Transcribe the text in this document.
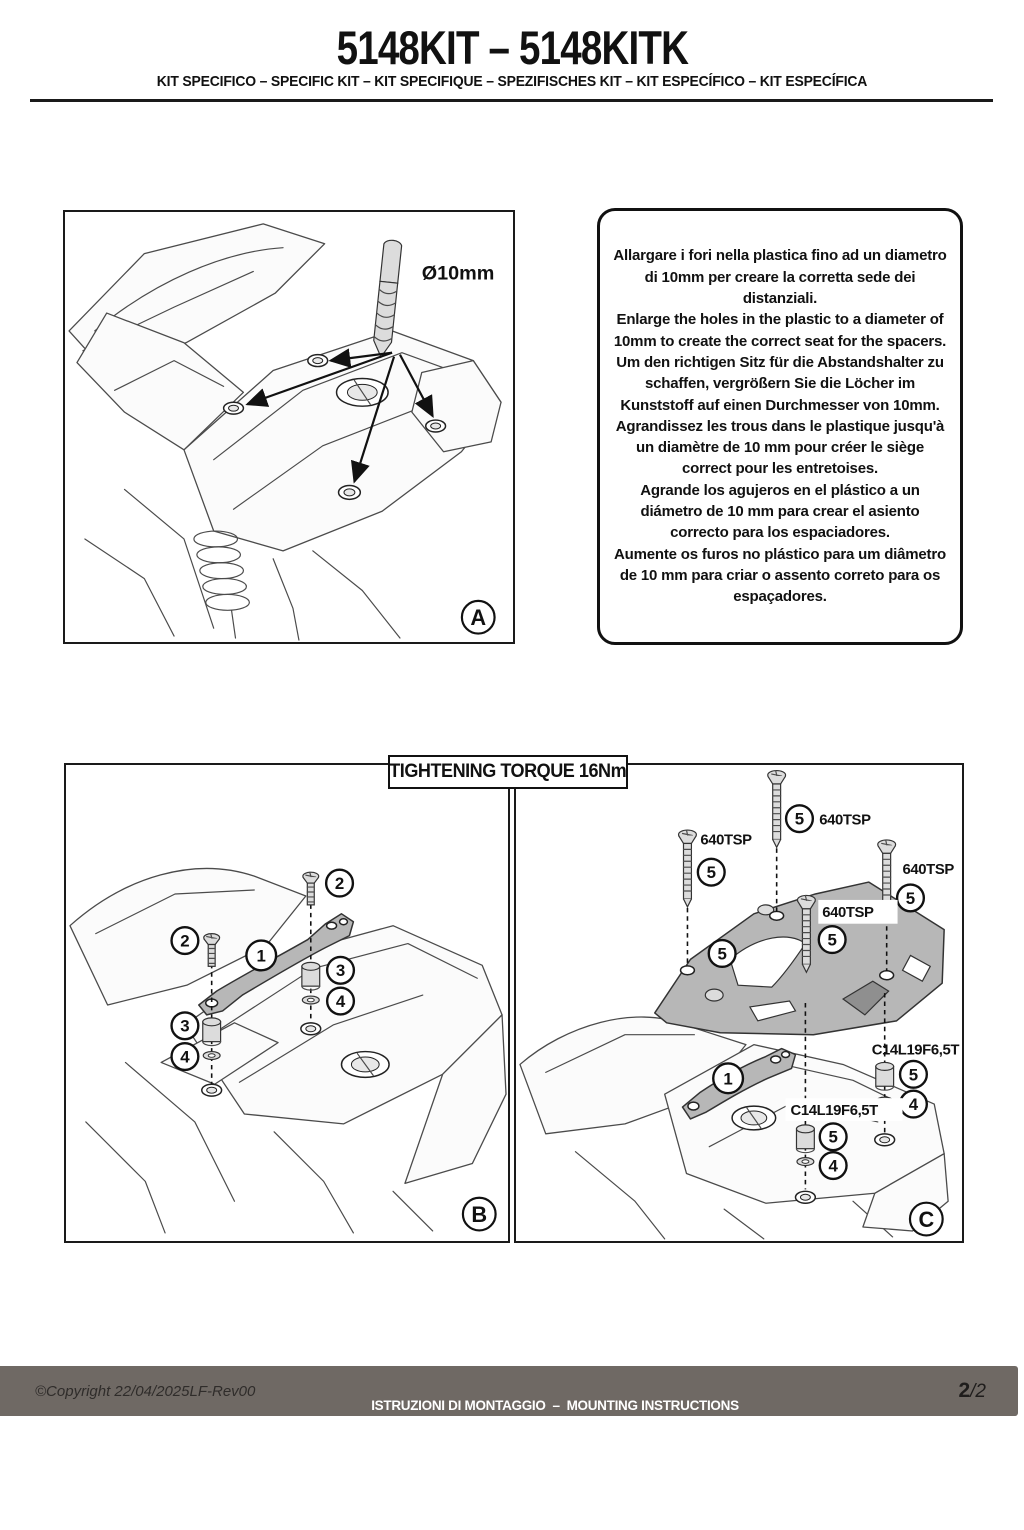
5148KIT – 5148KITK
KIT SPECIFICO – SPECIFIC KIT – KIT SPECIFIQUE – SPEZIFISCHES KIT – KIT ESPECÍFICO – KIT ESPECÍFICA
Ø10mm
A

Allargare i fori nella plastica fino ad un diametro di 10mm per creare la corretta sede dei distanziali.

Enlarge the holes in the plastic to a diameter of 10mm to create the correct seat for the spacers.

Um den richtigen Sitz für die Abstandshalter zu schaffen, vergrößern Sie die Löcher im Kunststoff auf einen Durchmesser von 10mm.

Agrandissez les trous dans le plastique jusqu'à un diamètre de 10 mm pour créer le siège correct pour les entretoises.

Agrande los agujeros en el plástico a un diámetro de 10 mm para crear el asiento correcto para los espaciadores.

Aumente os furos no plástico para um diâmetro de 10 mm para criar o assento correto para os espaçadores.

2
2
1
3
4
3
4
B
5 640TSP
640TSP
5	640TSP
5
640TSP
5
5
C14L19F6,5T
5
4
C14L19F6,5T
5
4
1
C
TIGHTENING TORQUE 16Nm
©Copyright 22/04/2025LF-Rev00

ISTRUZIONI DI MONTAGGIO  –  MOUNTING INSTRUCTIONS

INSTRUCTIONS DE MONTAGE – BAUANLEITUNG

INSTRUCCIONES DE MONTAJE – INSTRUÇÕES DE MONTAGEM

2/2
